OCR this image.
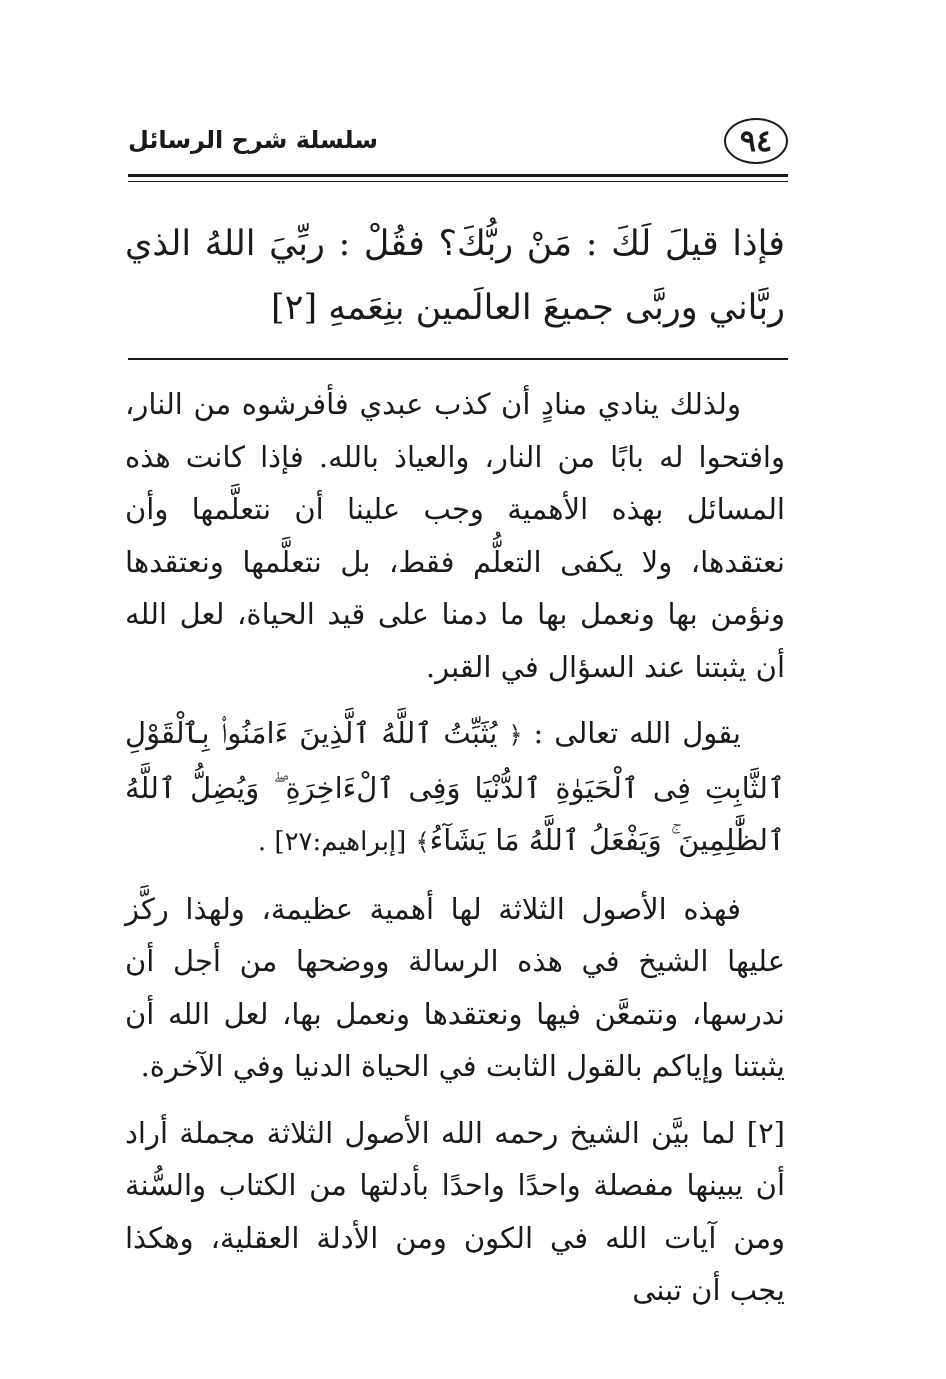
٩٤
سلسلة شرح الرسائل
فإذا قيلَ لَكَ : مَنْ ربُّكَ؟ فقُلْ : ربِّيَ اللهُ الذي ربَّاني وربَّى جميعَ العالَمين بنِعَمهِ [٢]

ولذلك ينادي منادٍ أن كذب عبدي فأفرشوه من النار، وافتحوا له بابًا من النار، والعياذ بالله. فإذا كانت هذه المسائل بهذه الأهمية وجب علينا أن نتعلَّمها وأن نعتقدها، ولا يكفى التعلُّم فقط، بل نتعلَّمها ونعتقدها ونؤمن بها ونعمل بها ما دمنا على قيد الحياة، لعل الله أن يثبتنا عند السؤال في القبر.

يقول الله تعالى : ﴿ يُثَبِّتُ ٱللَّهُ ٱلَّذِينَ ءَامَنُوا۟ بِٱلْقَوْلِ ٱلثَّابِتِ فِى ٱلْحَيَوٰةِ ٱلدُّنْيَا وَفِى ٱلْءَاخِرَةِ ۖ وَيُضِلُّ ٱللَّهُ ٱلظَّٰلِمِينَ ۚ وَيَفْعَلُ ٱللَّهُ مَا يَشَآءُ﴾ [إبراهيم:٢٧] .

فهذه الأصول الثلاثة لها أهمية عظيمة، ولهذا ركَّز عليها الشيخ في هذه الرسالة ووضحها من أجل أن ندرسها، ونتمعَّن فيها ونعتقدها ونعمل بها، لعل الله أن يثبتنا وإياكم بالقول الثابت في الحياة الدنيا وفي الآخرة.

[٢] لما بيَّن الشيخ رحمه الله الأصول الثلاثة مجملة أراد أن يبينها مفصلة واحدًا واحدًا بأدلتها من الكتاب والسُّنة ومن آيات الله في الكون ومن الأدلة العقلية، وهكذا يجب أن تبنى
